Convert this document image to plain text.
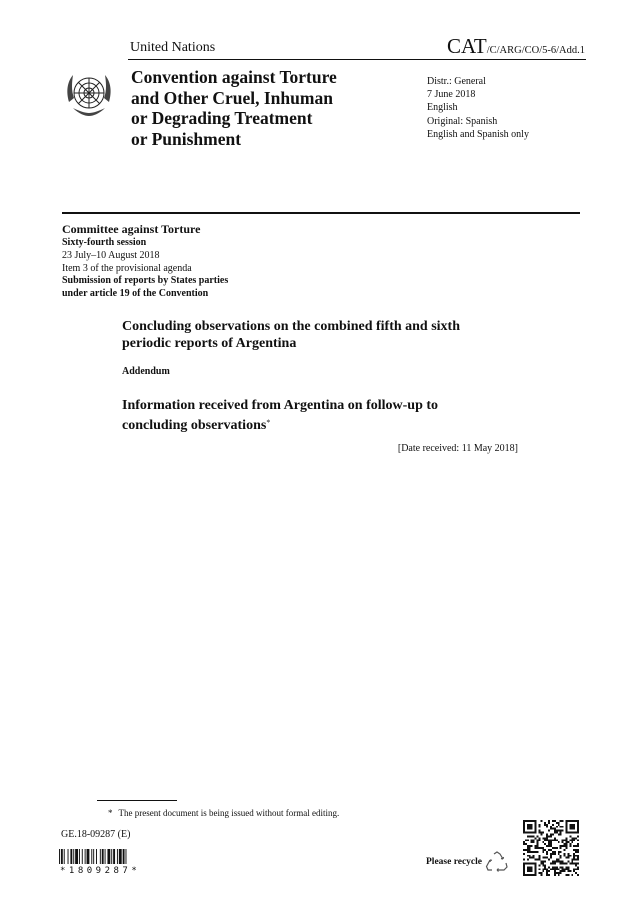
United Nations	CAT/C/ARG/CO/5-6/Add.1
Convention against Torture
and Other Cruel, Inhuman
or Degrading Treatment
or Punishment
Distr.: General
7 June 2018
English
Original: Spanish
English and Spanish only
Committee against Torture
Sixty-fourth session
23 July–10 August 2018
Item 3 of the provisional agenda
Submission of reports by States parties
under article 19 of the Convention
Concluding observations on the combined fifth and sixth
periodic reports of Argentina
Addendum
Information received from Argentina on follow-up to
concluding observations*
[Date received: 11 May 2018]
* The present document is being issued without formal editing.
GE.18-09287 (E)
*1809287*
Please recycle
